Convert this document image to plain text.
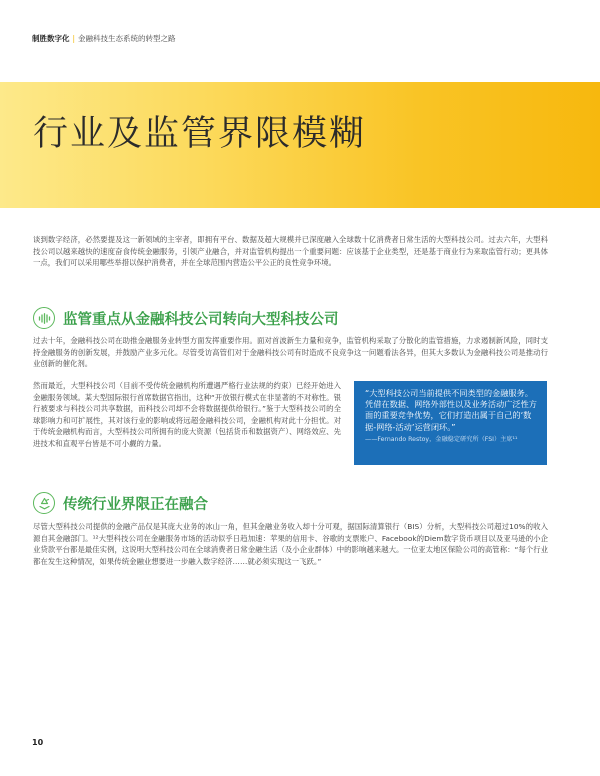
制胜数字化 | 金融科技生态系统的转型之路
行业及监管界限模糊

谈到数字经济，必然要提及这一新领域的主宰者，即拥有平台、数据及超大规模并已深度融入全球数十亿消费者日常生活的大型科技公司。过去六年，大型科技公司以越来越快的速度奋食传统金融服务，引领产业融合，并对监管机构提出一个重要问题：应该基于企业类型，还是基于商业行为来取监管行动；更具体一点，我们可以采用哪些举措以保护消费者，并在全球范围内营造公平公正的良性竞争环境。

监管重点从金融科技公司转向大型科技公司

过去十年，金融科技公司在助推金融服务业转型方面发挥重要作用。面对首波新生力量和竞争，监管机构采取了分散化的监管措施，力求遏制新风险，同时支持金融服务的创新发展，并鼓励产业多元化。尽管受访高管们对于金融科技公司有时造成不良竞争这一问题看法各异，但其大多数认为金融科技公司是推动行业创新的催化剂。

然而最近，大型科技公司（目前不受传统金融机构所遭遇严格行业法规的约束）已经开始进入金融服务领域。某大型国际银行首席数据官指出，这种“开放银行模式在非显著的不对称性。银行被要求与科技公司共享数据，而科技公司却不会将数据提供给银行。”鉴于大型科技公司的全球影响力和可扩展性，其对该行业的影响或将远超金融科技公司，金融机构对此十分担忧。对于传统金融机构而言，大型科技公司所拥有的庞大资源（包括货币和数据资产）、网络效应、先进技术和直观平台皆是不可小觑的力量。

“大型科技公司当前提供不同类型的金融服务。凭借在数据、网络外部性以及业务活动广泛性方面的重要竞争优势，它们打造出属于自己的‘数据-网络-活动’运营闭环。”

——Fernando Restoy，金融稳定研究所（FSI）主席¹¹

传统行业界限正在融合

尽管大型科技公司提供的金融产品仅是其庞大业务的冰山一角，但其金融业务收入却十分可观，据国际清算银行（BIS）分析，大型科技公司超过10%的收入源自其金融部门。¹²大型科技公司在金融服务市场的活动似乎日趋加速：苹果的信用卡、谷歌的支票账户、Facebook的Diem数字货币项目以及亚马逊的小企业贷款平台都是最佳实例，这说明大型科技公司在全球消费者日常金融生活（及小企业群体）中的影响越来越大。一位亚太地区保险公司的高管称：“每个行业都在发生这种情况，如果传统金融业想要进一步融入数字经济……就必须实现这一飞跃。”

10
